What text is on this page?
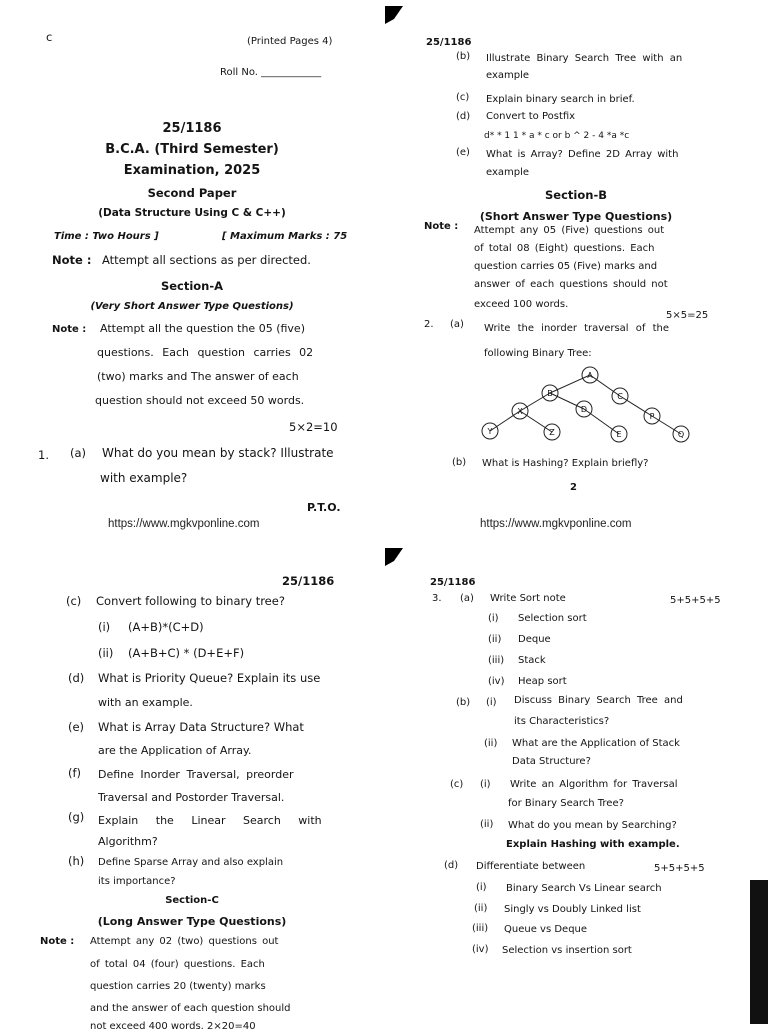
c	(Printed Pages 4)
Roll No. ____________
25/1186
B.C.A. (Third Semester)
Examination, 2025
Second Paper
(Data Structure Using C & C++)
Time : Two Hours ]	[ Maximum Marks : 75
Note : Attempt all sections as per directed.
Section-A
(Very Short Answer Type Questions)
Note : Attempt all the question the 05 (five)
questions. Each question carries 02
(two) marks and The answer of each
question should not exceed 50 words.
5×2=10
1. (a) What do you mean by stack? Illustrate
with example?
P.T.O.
https://www.mgkvponline.com
25/1186
(b) Illustrate Binary Search Tree with an
example
(c) Explain binary search in brief.
(d) Convert to Postfix
d* * 1 1 * a * c or b ^ 2 - 4 *a *c
(e) What is Array? Define 2D Array with
example
Section-B
(Short Answer Type Questions)
Note : Attempt any 05 (Five) questions out
of total 08 (Eight) questions. Each
question carries 05 (Five) marks and
answer of each questions should not
exceed 100 words.
5×5=25
2. (a) Write the inorder traversal of the
following Binary Tree:
A
B	C
X	D
P
Y	Z	E	Q
(b) What is Hashing? Explain briefly?
2
https://www.mgkvponline.com
25/1186
(c) Convert following to binary tree?
(i) (A+B)*(C+D)
(ii) (A+B+C) * (D+E+F)
(d) What is Priority Queue? Explain its use
with an example.
(e) What is Array Data Structure? What
are the Application of Array.
(f) Define Inorder Traversal, preorder
Traversal and Postorder Traversal.
(g) Explain the Linear Search with
Algorithm?
(h) Define Sparse Array and also explain
its importance?
Section-C
(Long Answer Type Questions)
Note : Attempt any 02 (two) questions out
of total 04 (four) questions. Each
question carries 20 (twenty) marks
and the answer of each question should
not exceed 400 words. 2×20=40
25/1186
3. (a) Write Sort note	5+5+5+5
(i) Selection sort
(ii) Deque
(iii) Stack
(iv) Heap sort
(b) (i) Discuss Binary Search Tree and
its Characteristics?
(ii) What are the Application of Stack
Data Structure?
(c) (i) Write an Algorithm for Traversal
for Binary Search Tree?
(ii) What do you mean by Searching?
Explain Hashing with example.
(d) Differentiate between	5+5+5+5
(i) Binary Search Vs Linear search
(ii) Singly vs Doubly Linked list
(iii) Queue vs Deque
(iv) Selection vs insertion sort
